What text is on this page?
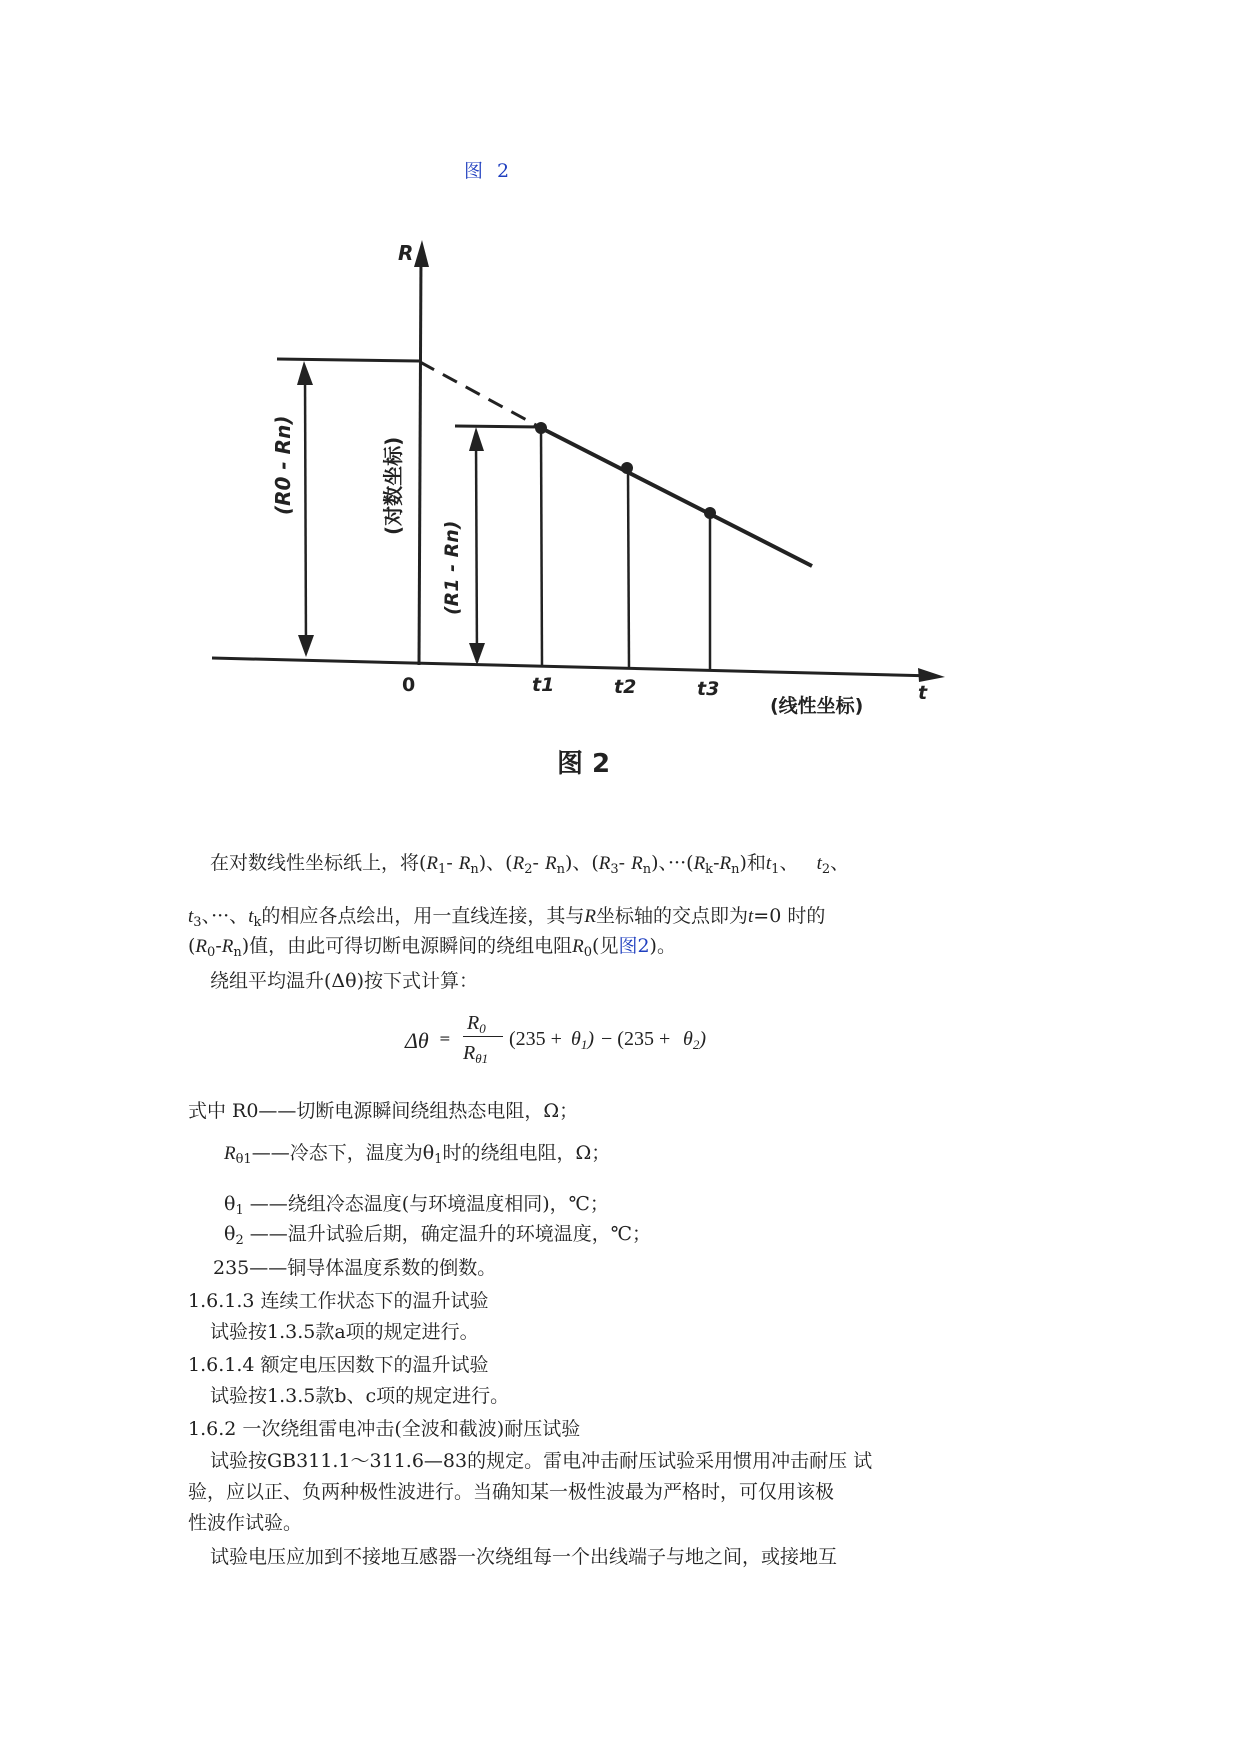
图 2
R
(R0 - Rn)
(R1 - Rn)
(对数坐标)
0	t1	t2	t3	t
(线性坐标)
图 2
在对数线性坐标纸上，将($R_1-$ $R_n$)、($R_2-$ $R_n$)、($R_3-$ $R_n$)、$\cdot\cdot\cdot(R_k-R_n)$和$t_1$、   $t_2$、
$t_3$、···、$t_k$的相应各点绘出，用一直线连接，其与R坐标轴的交点即为t=0 时的
$(R_0-R_n)$值，由此可得切断电源瞬间的绕组电阻$R_0$(见图2)。
绕组平均温升(Δθ)按下式计算：
Δθ =
$R_0$
$R_{\theta 1}$
$(235 + \theta_1) - (235 + \theta_2)$
式中 R0——切断电源瞬间绕组热态电阻，Ω；
$R_{\theta 1}——$冷态下，温度为$\theta_1$时的绕组电阻，Ω；
$\theta_1$ ——绕组冷态温度(与环境温度相同)，℃；
$\theta_2$ ——温升试验后期，确定温升的环境温度，℃；
235——铜导体温度系数的倒数。
1.6.1.3 连续工作状态下的温升试验
试验按1.3.5款a项的规定进行。
1.6.1.4 额定电压因数下的温升试验
试验按1.3.5款b、c项的规定进行。
1.6.2 一次绕组雷电冲击(全波和截波)耐压试验
试验按GB311.1～311.6—83的规定。雷电冲击耐压试验采用惯用冲击耐压 试
验，应以正、负两种极性波进行。当确知某一极性波最为严格时，可仅用该极
性波作试验。
试验电压应加到不接地互感器一次绕组每一个出线端子与地之间，或接地互
